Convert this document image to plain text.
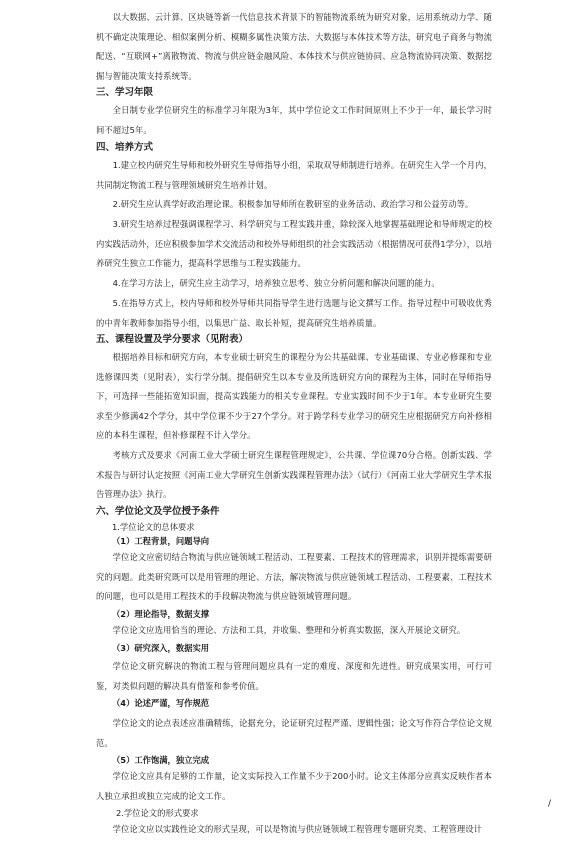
以大数据、云计算、区块链等新一代信息技术背景下的智能物流系统为研究对象，运用系统动力学、随机不确定决策理论、相似案例分析、模糊多属性决策方法、大数据与本体技术等方法，研究电子商务与物流配送、“互联网+”离散物流、物流与供应链金融风险、本体技术与供应链协同、应急物流协同决策、数据挖掘与智能决策支持系统等。

三、学习年限

全日制专业学位研究生的标准学习年限为3年，其中学位论文工作时间原则上不少于一年，最长学习时间不超过5年。

四、培养方式

1.建立校内研究生导师和校外研究生导师指导小组，采取双导师制进行培养。在研究生入学一个月内，共同制定物流工程与管理领域研究生培养计划。

2.研究生应认真学好政治理论课。积极参加导师所在教研室的业务活动、政治学习和公益劳动等。

3.研究生培养过程强调课程学习、科学研究与工程实践并重，除较深入地掌握基础理论和导师规定的校内实践活动外，还应积极参加学术交流活动和校外导师组织的社会实践活动（根据情况可获得1学分），以培养研究生独立工作能力，提高科学思维与工程实践能力。

4.在学习方法上，研究生应主动学习，培养独立思考、独立分析问题和解决问题的能力。

5.在指导方式上，校内导师和校外导师共同指导学生进行选题与论文撰写工作。指导过程中可吸收优秀的中青年教师参加指导小组，以集思广益、取长补短，提高研究生培养质量。

五、课程设置及学分要求（见附表）

根据培养目标和研究方向，本专业硕士研究生的课程分为公共基础课、专业基础课、专业必修课和专业选修课四类（见附表），实行学分制。提倡研究生以本专业及所选研究方向的课程为主体，同时在导师指导下，可选择一些能拓宽知识面，提高实践能力的相关专业课程。专业实践时间不少于1年。本专业研究生要求至少修满42个学分，其中学位课不少于27个学分。对于跨学科专业学习的研究生应根据研究方向补修相应的本科生课程，但补修课程不计入学分。

考核方式及要求《河南工业大学硕士研究生课程管理规定》，公共课、学位课70分合格。创新实践、学术报告与研讨认定按照《河南工业大学研究生创新实践课程管理办法》（试行）《河南工业大学研究生学术报告管理办法》执行。

六、学位论文及学位授予条件

1.学位论文的总体要求

（1）工程背景，问题导向

学位论文应密切结合物流与供应链领域工程活动、工程要素、工程技术的管理需求，识别并提炼需要研究的问题。此类研究既可以是用管理的理论、方法，解决物流与供应链领域工程活动、工程要素、工程技术的问题，也可以是用工程技术的手段解决物流与供应链领域管理问题。

（2）理论指导，数据支撑

学位论文应选用恰当的理论、方法和工具，并收集、整理和分析真实数据，深入开展论文研究。

（3）研究深入，数据实用

学位论文研究解决的物流工程与管理问题应具有一定的难度、深度和先进性。研究成果实用，可行可鉴，对类似问题的解决具有借鉴和参考价值。

（4）论述严谨，写作规范

学位论文的论点表述应准确精练，论据充分，论证研究过程严谨、逻辑性强；论文写作符合学位论文规范。

（5）工作饱满，独立完成

学位论文应具有足够的工作量，论文实际投入工作量不少于200小时。论文主体部分应真实反映作者本人独立承担或独立完成的论文工作。

2.学位论文的形式要求

学位论文应以实践性论文的形式呈现，可以是物流与供应链领域工程管理专题研究类、工程管理设计

/
